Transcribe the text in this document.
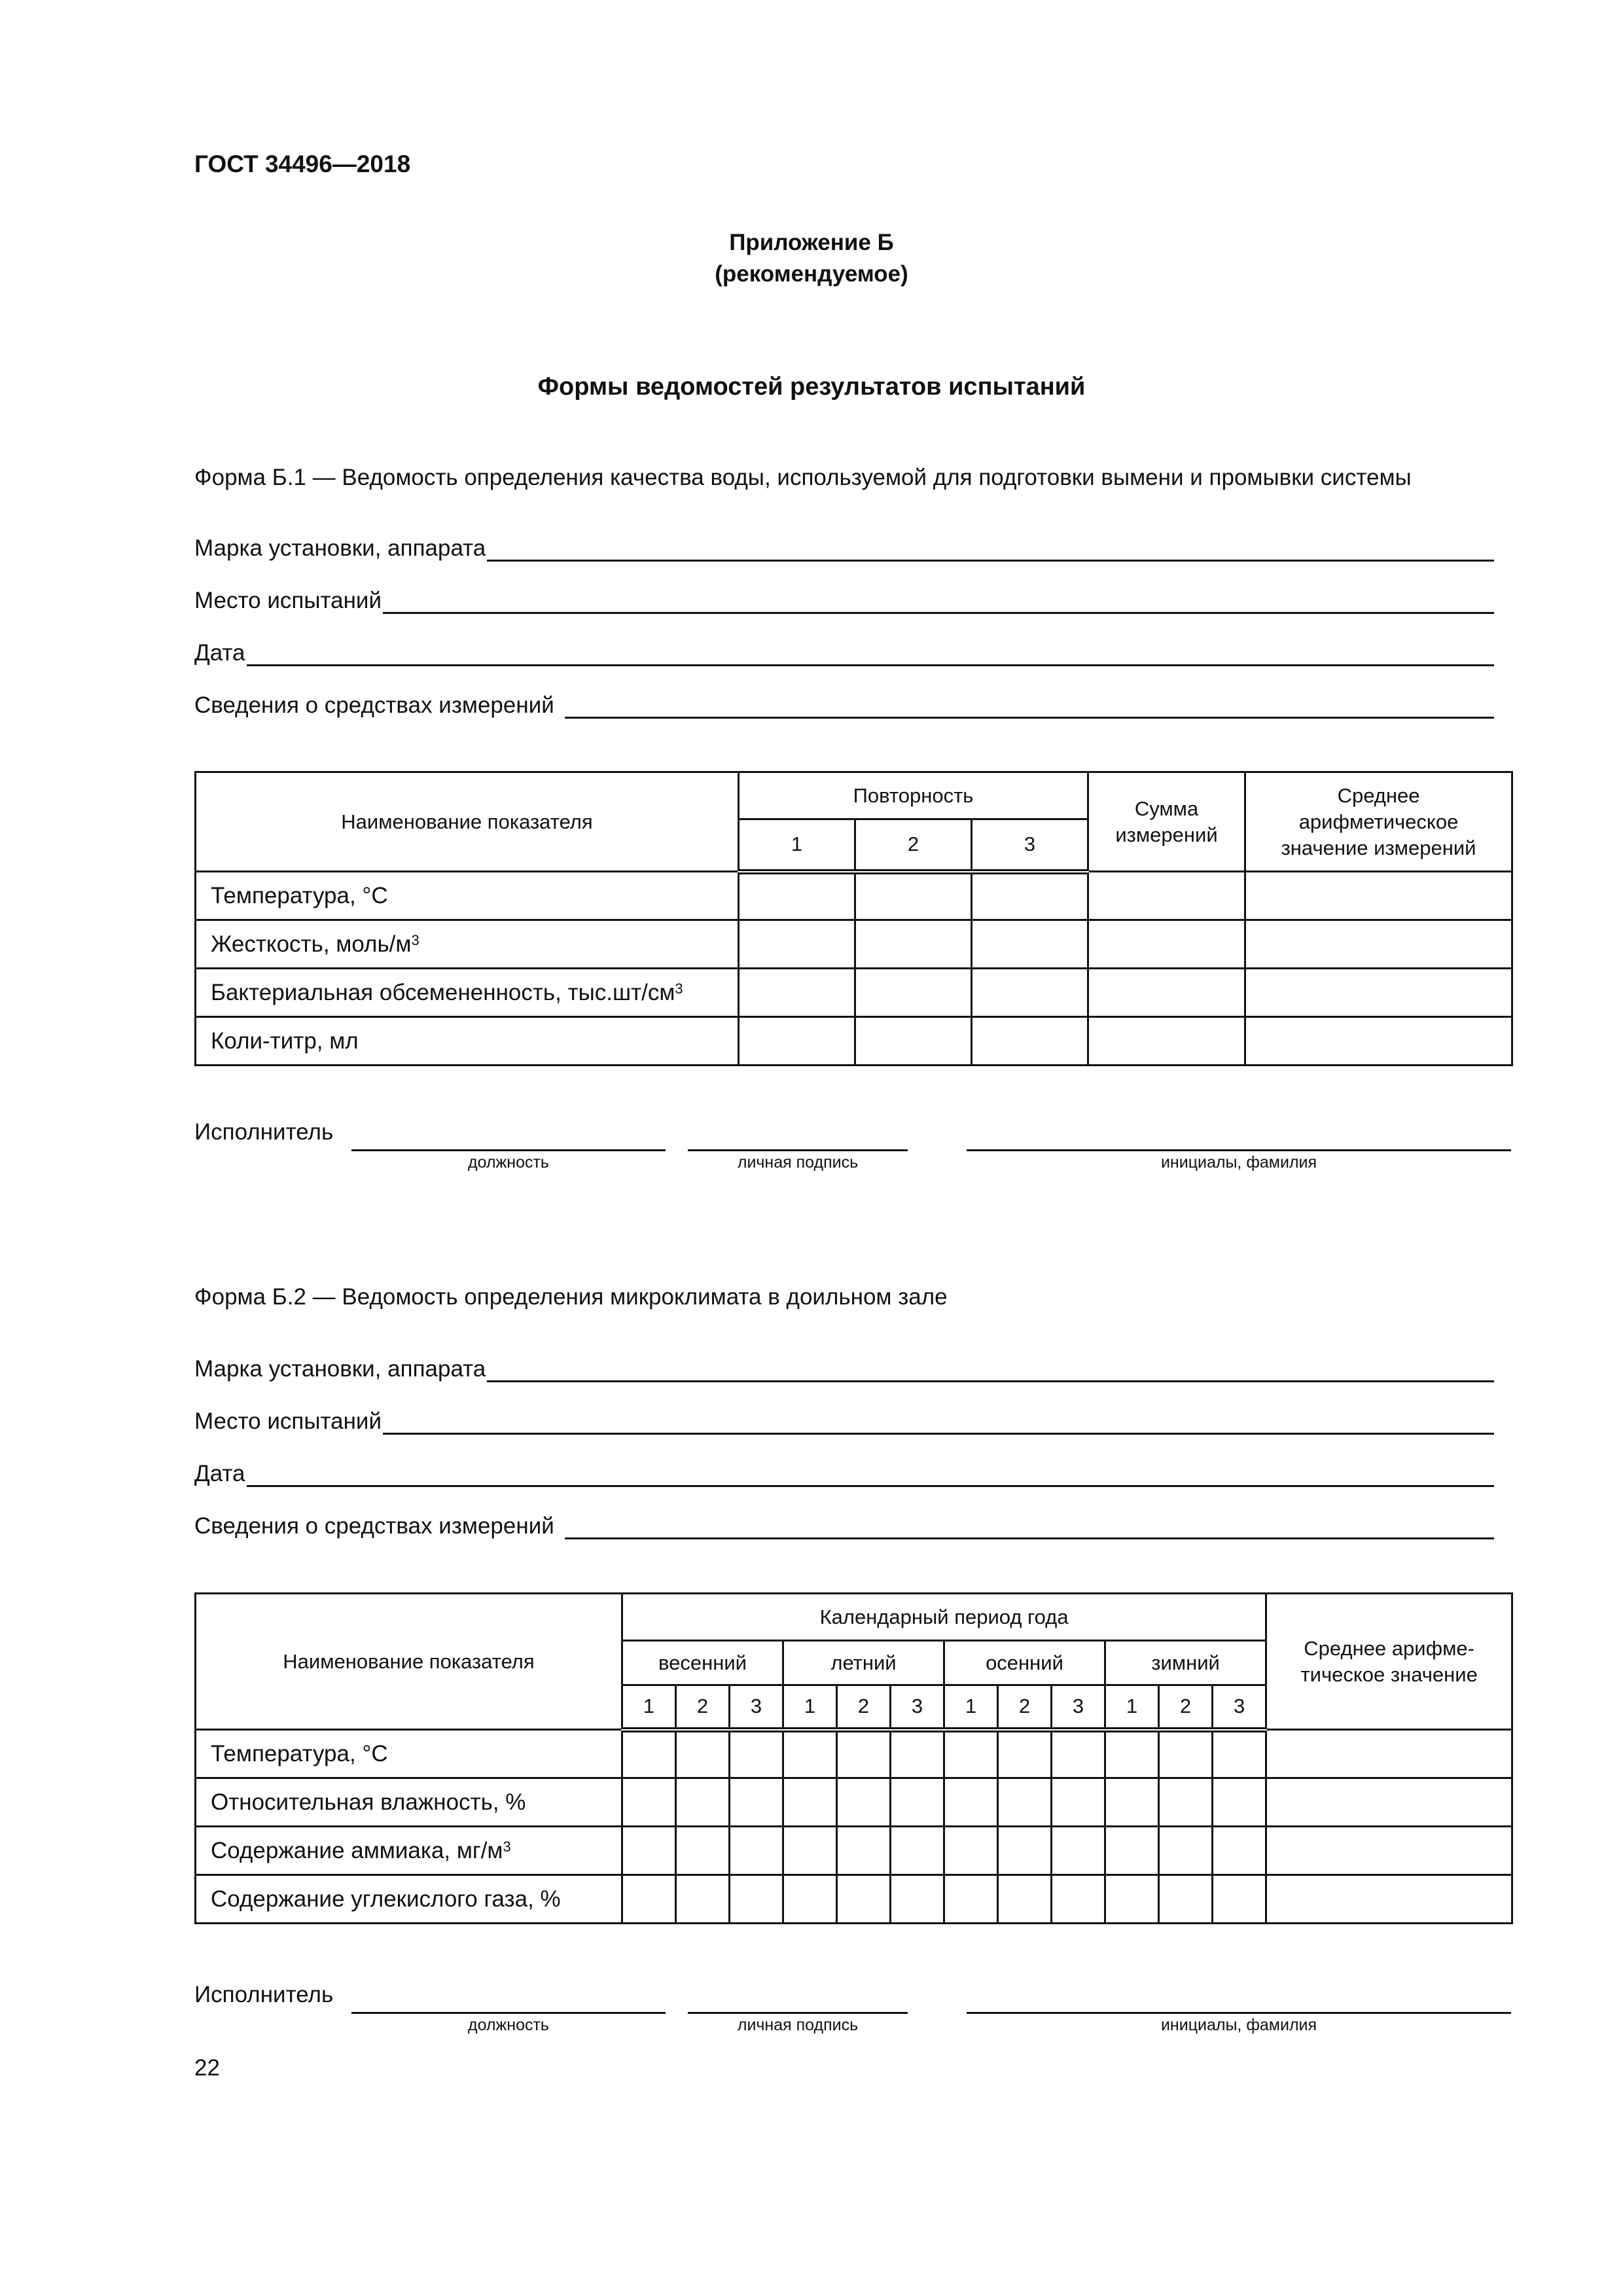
ГОСТ 34496—2018
Приложение Б
(рекомендуемое)
Формы ведомостей результатов испытаний
Форма Б.1 — Ведомость определения качества воды, используемой для подготовки вымени и промывки системы
Марка установки, аппарата
Место испытаний
Дата
Сведения о средствах измерений
Наименование показателя	Повторность			Сумма измерений	Среднее арифметическое значение измерений
	1	2	3		
Температура, °С					
Жесткость, моль/$м^3$					
Бактериальная обсемененность, $тыс.шт/см^3$					
Коли-титр, мл					
Исполнитель
должность	личная подпись	инициалы, фамилия
Форма Б.2 — Ведомость определения микроклимата в доильном зале
Марка установки, аппарата
Место испытаний
Дата
Сведения о средствах измерений
Наименование показателя	Календарный период года												Среднее арифме-тическое значение
	весенний			летний			осенний			зимний			
	1	2	3	1	2	3	1	2	3	1	2	3	
Температура, °С													
Относительная влажность, %													
Содержание аммиака, $мг/м^3$													
Содержание углекислого газа, %													
Исполнитель
должность	личная подпись	инициалы, фамилия
22
